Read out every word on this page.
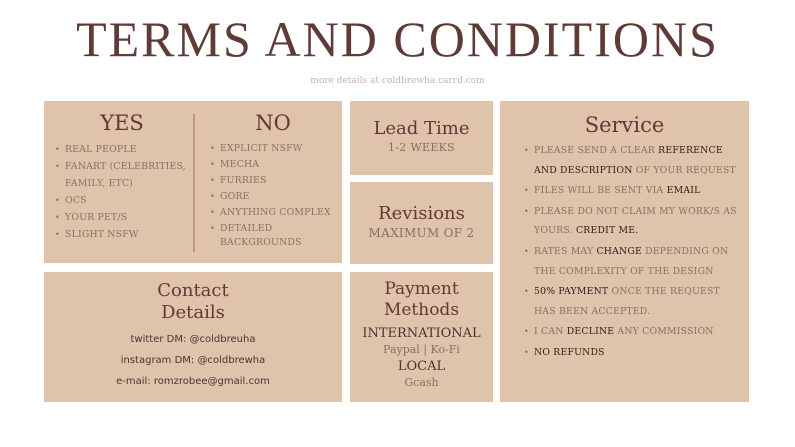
TERMS AND CONDITIONS
more details at coldbrewha.carrd.com
YES
• REAL PEOPLE
• FANART (CELEBRITIES, FAMILY, ETC)
• OCS
• YOUR PET/S
• SLIGHT NSFW
NO
• EXPLICIT NSFW
• MECHA
• FURRIES
• GORE
• ANYTHING COMPLEX
• DETAILED BACKGROUNDS
Lead Time
1-2 WEEKS
Revisions
MAXIMUM OF 2
Contact
Details
twitter DM: @coldbreuha
instagram DM: @coldbrewha
e-mail: romzrobee@gmail.com
Payment
Methods
INTERNATIONAL
Paypal | Ko-Fi
LOCAL
Gcash
Service
• PLEASE SEND A CLEAR REFERENCE AND DESCRIPTION OF YOUR REQUEST
• FILES WILL BE SENT VIA EMAIL
• PLEASE DO NOT CLAIM MY WORK/S AS YOURS. CREDIT ME.
• RATES MAY CHANGE DEPENDING ON THE COMPLEXITY OF THE DESIGN
• 50% PAYMENT ONCE THE REQUEST HAS BEEN ACCEPTED.
• I CAN DECLINE ANY COMMISSION
• NO REFUNDS
